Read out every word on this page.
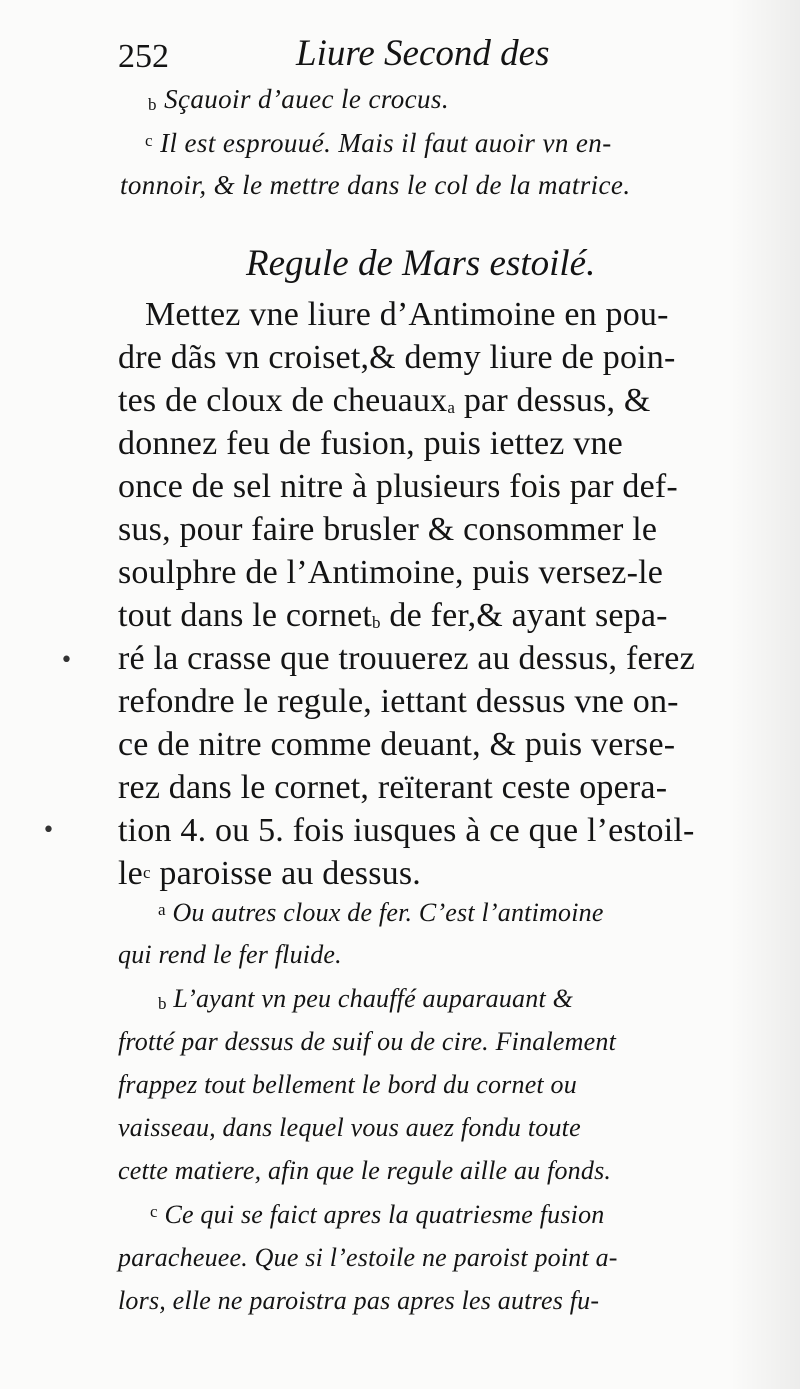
252	Liure Second des
b Sçauoir d’auec le crocus.
$^c$ Il est esprouué. Mais il faut auoir vn en-
tonnoir, & le mettre dans le col de la matrice.
Regule de Mars estoilé.
Mettez vne liure d’Antimoine en pou-
dre dãs vn croiset,& demy liure de poin-
tes de cloux de cheuauxa par dessus, &
donnez feu de fusion, puis iettez vne
once de sel nitre à plusieurs fois par def-
sus, pour faire brusler & consommer le
soulphre de l’Antimoine, puis versez-le
tout dans le cornetb de fer,& ayant sepa-
ré la crasse que trouuerez au dessus, ferez
refondre le regule, iettant dessus vne on-
ce de nitre comme deuant, & puis verse-
rez dans le cornet, reïterant ceste opera-
tion 4. ou 5. fois iusques à ce que l’estoil-
lec paroisse au dessus.
$^a$ Ou autres cloux de fer. C’est l’antimoine
qui rend le fer fluide.
b L’ayant vn peu chauffé auparauant &
frotté par dessus de suif ou de cire. Finalement
frappez tout bellement le bord du cornet ou
vaisseau, dans lequel vous auez fondu toute
cette matiere, afin que le regule aille au fonds.
$^c$ Ce qui se faict apres la quatriesme fusion
paracheuee. Que si l’estoile ne paroist point a-
lors, elle ne paroistra pas apres les autres fu-
•
•
